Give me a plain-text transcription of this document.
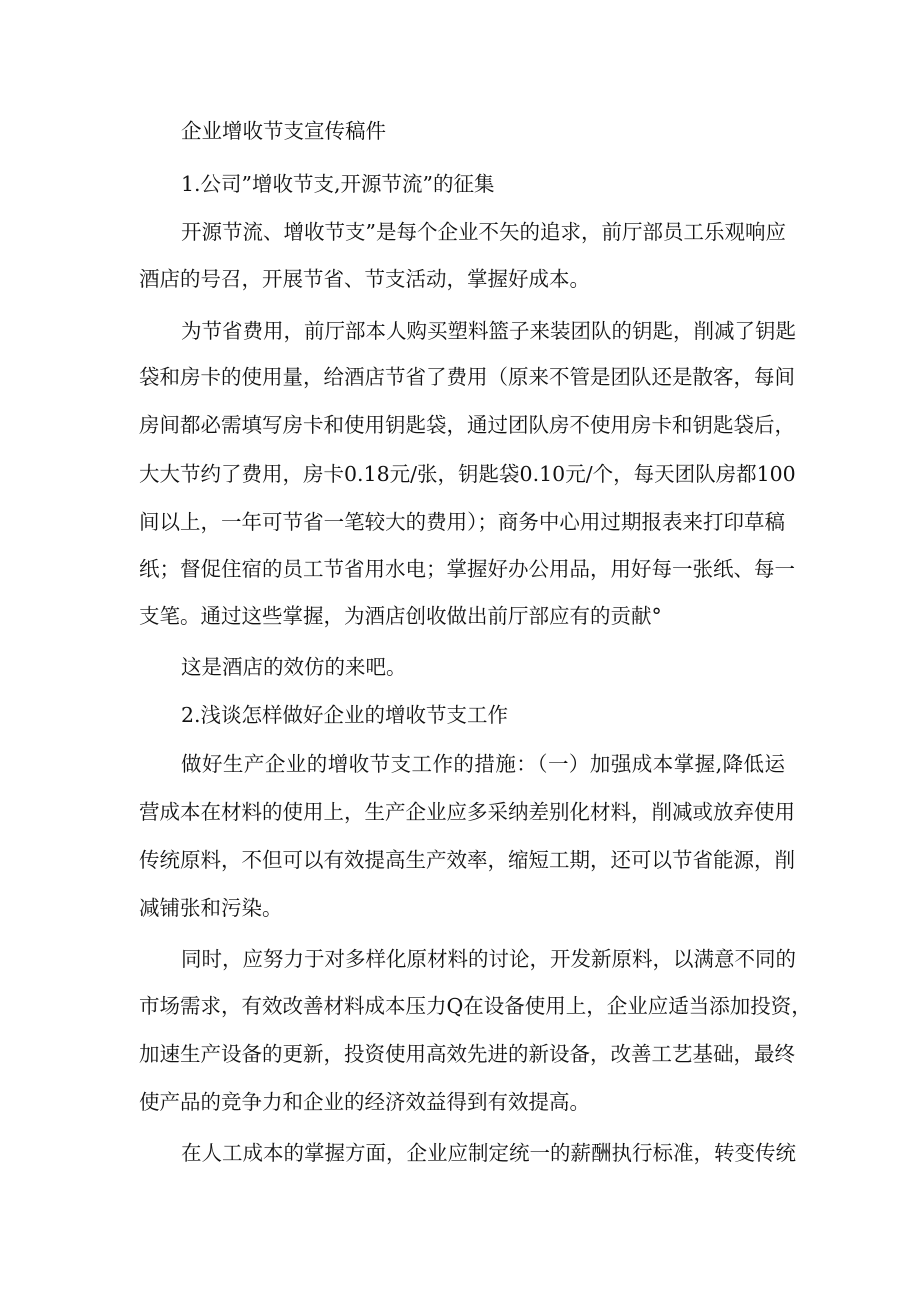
企业增收节支宣传稿件
1.公司”增收节支,开源节流”的征集
开源节流、增收节支”是每个企业不矢的追求，前厅部员工乐观响应
酒店的号召，开展节省、节支活动，掌握好成本。
为节省费用，前厅部本人购买塑料篮子来装团队的钥匙，削减了钥匙
袋和房卡的使用量，给酒店节省了费用（原来不管是团队还是散客，每间
房间都必需填写房卡和使用钥匙袋，通过团队房不使用房卡和钥匙袋后，
大大节约了费用，房卡0.18元/张，钥匙袋0.10元/个，每天团队房都100
间以上，一年可节省一笔较大的费用）；商务中心用过期报表来打印草稿
纸；督促住宿的员工节省用水电；掌握好办公用品，用好每一张纸、每一
支笔。通过这些掌握，为酒店创收做出前厅部应有的贡献°
这是酒店的效仿的来吧。
2.浅谈怎样做好企业的增收节支工作
做好生产企业的增收节支工作的措施：（一）加强成本掌握,降低运
营成本在材料的使用上，生产企业应多采纳差别化材料，削减或放弃使用
传统原料，不但可以有效提高生产效率，缩短工期，还可以节省能源，削
减铺张和污染。
同时，应努力于对多样化原材料的讨论，开发新原料，以满意不同的
市场需求，有效改善材料成本压力Q在设备使用上，企业应适当添加投资，
加速生产设备的更新，投资使用高效先进的新设备，改善工艺基础，最终
使产品的竞争力和企业的经济效益得到有效提高。
在人工成本的掌握方面，企业应制定统一的薪酬执行标准，转变传统
